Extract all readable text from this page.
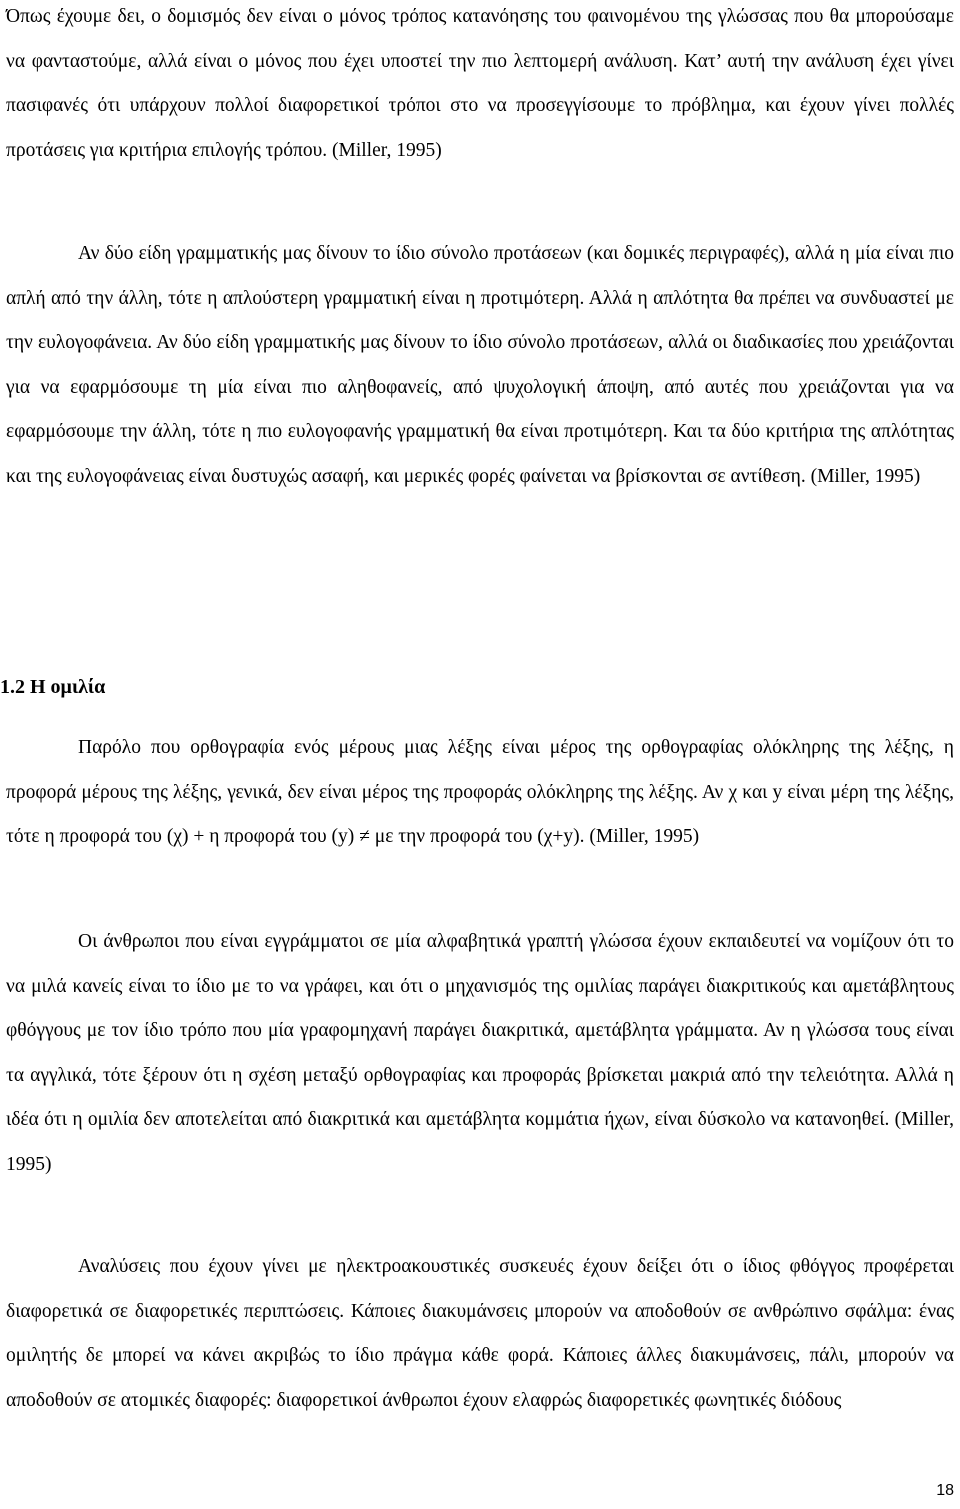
Όπως έχουμε δει, ο δομισμός δεν είναι ο μόνος τρόπος κατανόησης του φαινομένου της γλώσσας που θα μπορούσαμε να φανταστούμε, αλλά είναι ο μόνος που έχει υποστεί την πιο λεπτομερή ανάλυση. Κατ’ αυτή την ανάλυση έχει γίνει πασιφανές ότι υπάρχουν πολλοί διαφορετικοί τρόποι στο να προσεγγίσουμε το πρόβλημα, και έχουν γίνει πολλές προτάσεις για κριτήρια επιλογής τρόπου. (Miller, 1995)

Αν δύο είδη γραμματικής μας δίνουν το ίδιο σύνολο προτάσεων (και δομικές περιγραφές), αλλά η μία είναι πιο απλή από την άλλη, τότε η απλούστερη γραμματική είναι η προτιμότερη. Αλλά η απλότητα θα πρέπει να συνδυαστεί με την ευλογοφάνεια. Αν δύο είδη γραμματικής μας δίνουν το ίδιο σύνολο προτάσεων, αλλά οι διαδικασίες που χρειάζονται για να εφαρμόσουμε τη μία είναι πιο αληθοφανείς, από ψυχολογική άποψη, από αυτές που χρειάζονται για να εφαρμόσουμε την άλλη, τότε η πιο ευλογοφανής γραμματική θα είναι προτιμότερη. Και τα δύο κριτήρια της απλότητας και της ευλογοφάνειας είναι δυστυχώς ασαφή, και μερικές φορές φαίνεται να βρίσκονται σε αντίθεση. (Miller, 1995)

1.2 Η ομιλία

Παρόλο που ορθογραφία ενός μέρους μιας λέξης είναι μέρος της ορθογραφίας ολόκληρης της λέξης, η προφορά μέρους της λέξης, γενικά, δεν είναι μέρος της προφοράς ολόκληρης της λέξης. Αν χ και y είναι μέρη της λέξης, τότε η προφορά του (χ) + η προφορά του (y) ≠ με την προφορά του (χ+y). (Miller, 1995)

Οι άνθρωποι που είναι εγγράμματοι σε μία αλφαβητικά γραπτή γλώσσα έχουν εκπαιδευτεί να νομίζουν ότι το να μιλά κανείς είναι το ίδιο με το να γράφει, και ότι ο μηχανισμός της ομιλίας παράγει διακριτικούς και αμετάβλητους φθόγγους με τον ίδιο τρόπο που μία γραφομηχανή παράγει διακριτικά, αμετάβλητα γράμματα. Αν η γλώσσα τους είναι τα αγγλικά, τότε ξέρουν ότι η σχέση μεταξύ ορθογραφίας και προφοράς βρίσκεται μακριά από την τελειότητα. Αλλά η ιδέα ότι η ομιλία δεν αποτελείται από διακριτικά και αμετάβλητα κομμάτια ήχων, είναι δύσκολο να κατανοηθεί. (Miller, 1995)

Αναλύσεις που έχουν γίνει με ηλεκτροακουστικές συσκευές έχουν δείξει ότι ο ίδιος φθόγγος προφέρεται διαφορετικά σε διαφορετικές περιπτώσεις. Κάποιες διακυμάνσεις μπορούν να αποδοθούν σε ανθρώπινο σφάλμα: ένας ομιλητής δε μπορεί να κάνει ακριβώς το ίδιο πράγμα κάθε φορά. Κάποιες άλλες διακυμάνσεις, πάλι, μπορούν να αποδοθούν σε ατομικές διαφορές: διαφορετικοί άνθρωποι έχουν ελαφρώς διαφορετικές φωνητικές διόδους

18
